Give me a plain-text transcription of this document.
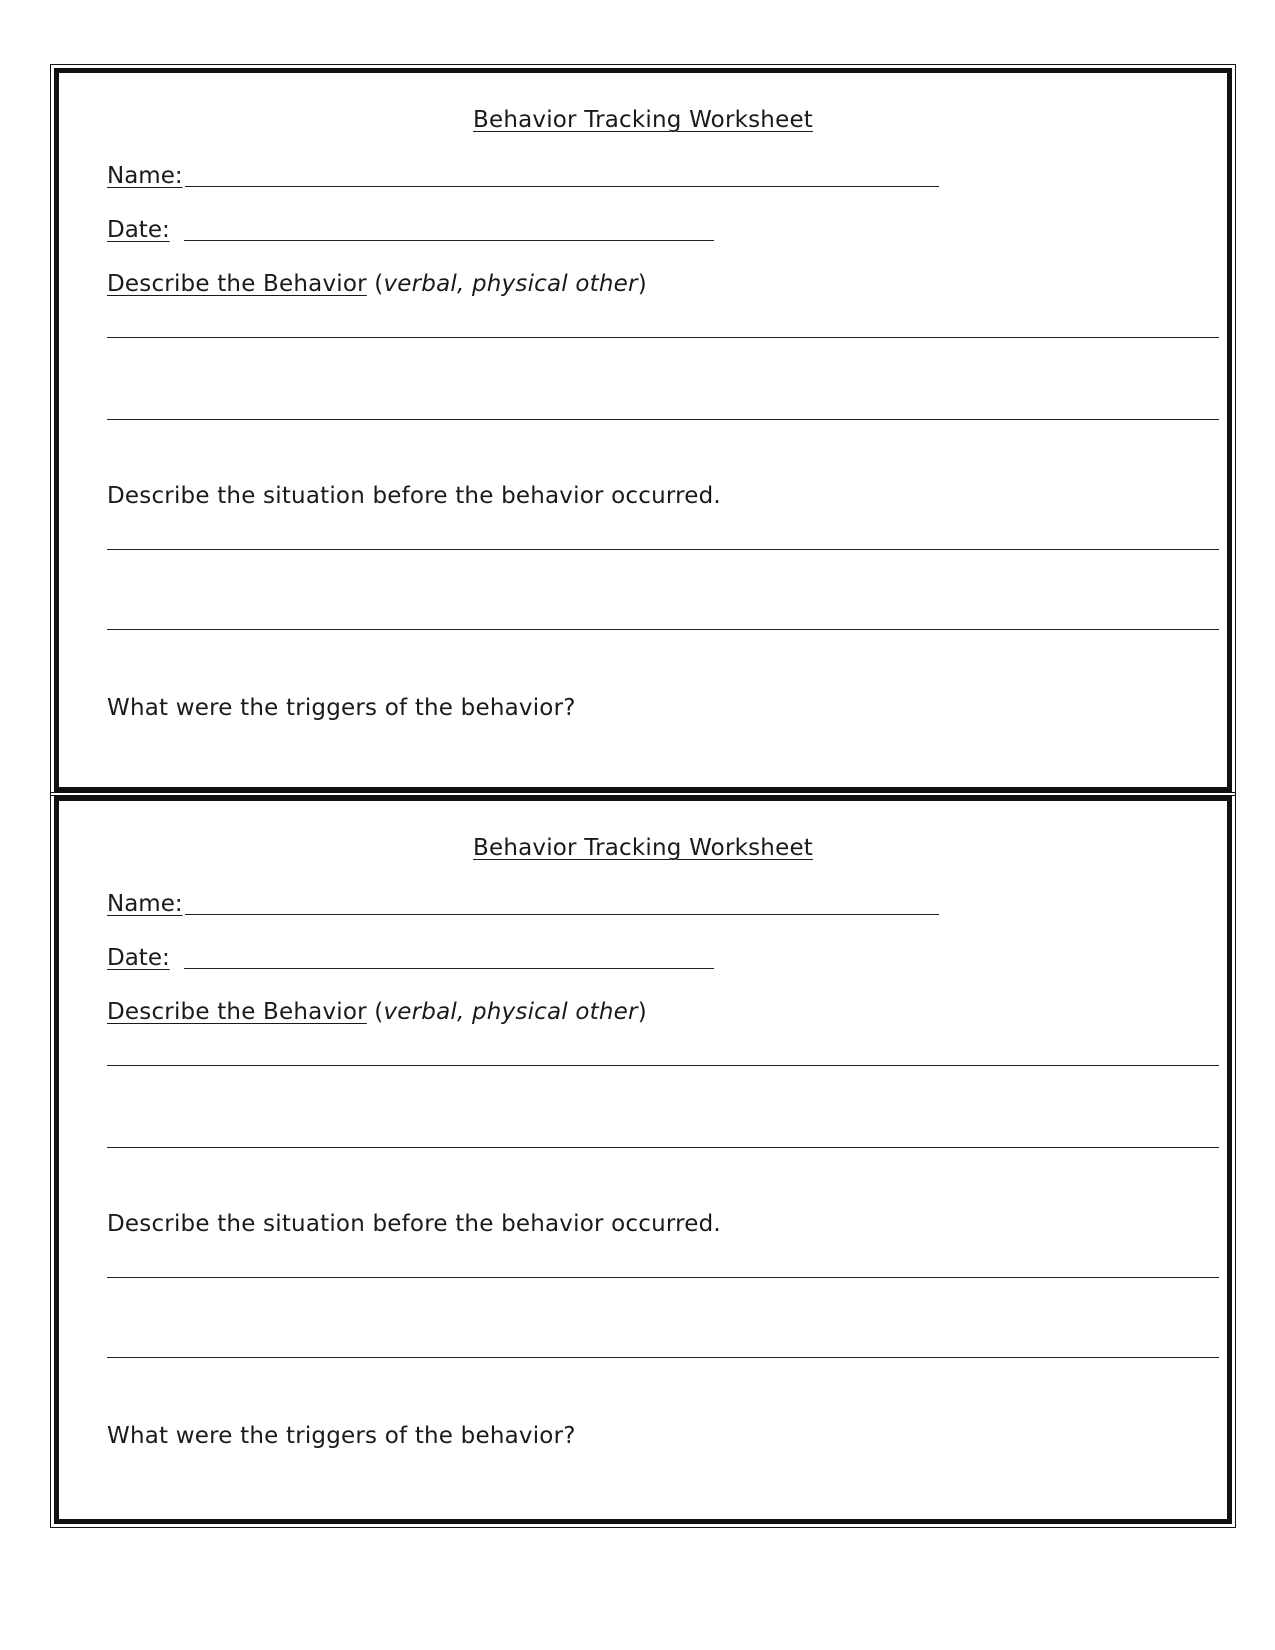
Behavior Tracking Worksheet
Name:
Date:
Describe the Behavior (verbal, physical other)
Describe the situation before the behavior occurred.
What were the triggers of the behavior?
Behavior Tracking Worksheet
Name:
Date:
Describe the Behavior (verbal, physical other)
Describe the situation before the behavior occurred.
What were the triggers of the behavior?
